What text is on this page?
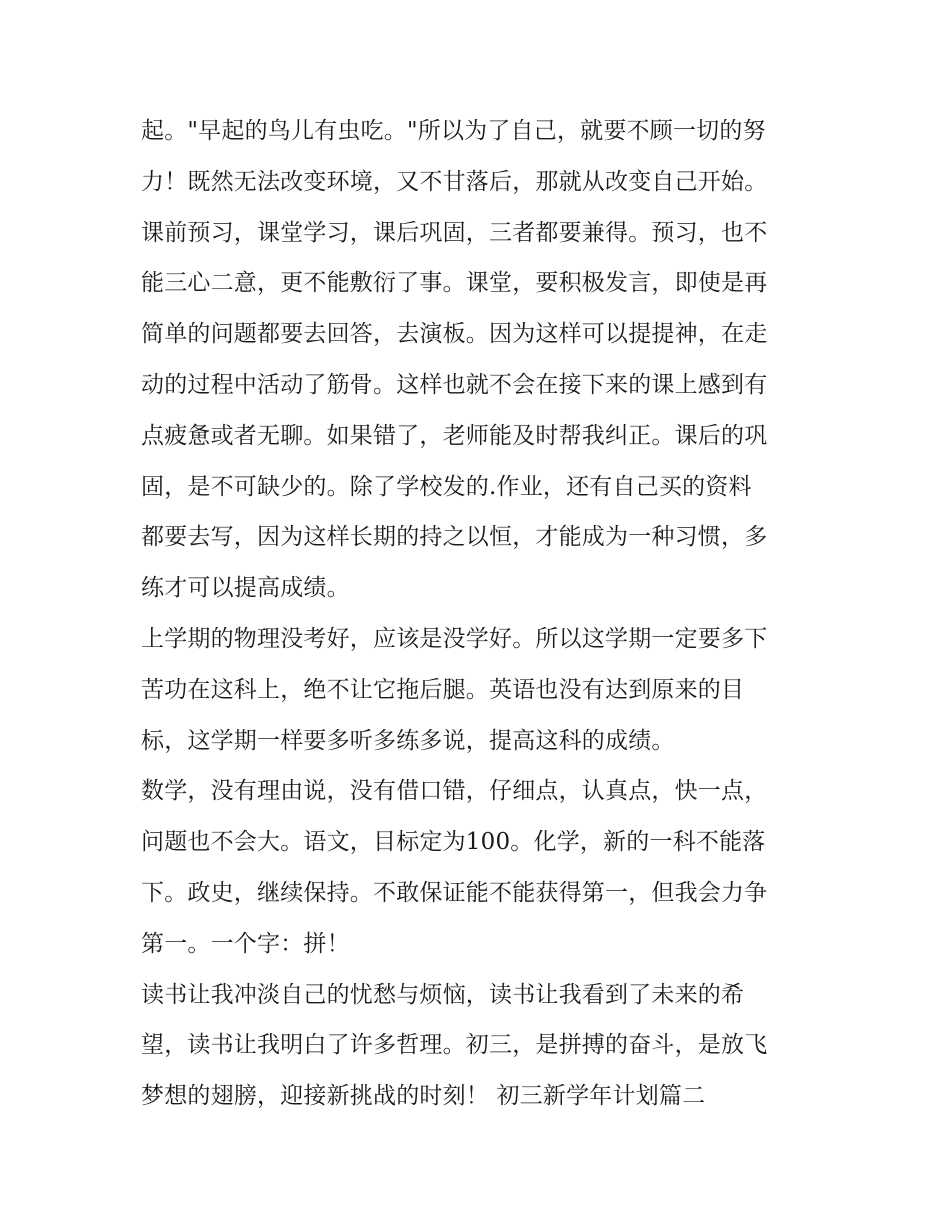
起。"早起的鸟儿有虫吃。"所以为了自己，就要不顾一切的努
力！既然无法改变环境，又不甘落后，那就从改变自己开始。
课前预习，课堂学习，课后巩固，三者都要兼得。预习，也不
能三心二意，更不能敷衍了事。课堂，要积极发言，即使是再
简单的问题都要去回答，去演板。因为这样可以提提神，在走
动的过程中活动了筋骨。这样也就不会在接下来的课上感到有
点疲惫或者无聊。如果错了，老师能及时帮我纠正。课后的巩
固，是不可缺少的。除了学校发的.作业，还有自己买的资料
都要去写，因为这样长期的持之以恒，才能成为一种习惯，多
练才可以提高成绩。
上学期的物理没考好，应该是没学好。所以这学期一定要多下
苦功在这科上，绝不让它拖后腿。英语也没有达到原来的目
标，这学期一样要多听多练多说，提高这科的成绩。
数学，没有理由说，没有借口错，仔细点，认真点，快一点，
问题也不会大。语文，目标定为100。化学，新的一科不能落
下。政史，继续保持。不敢保证能不能获得第一，但我会力争
第一。一个字：拼！
读书让我冲淡自己的忧愁与烦恼，读书让我看到了未来的希
望，读书让我明白了许多哲理。初三，是拼搏的奋斗，是放飞
梦想的翅膀，迎接新挑战的时刻！ 初三新学年计划篇二
